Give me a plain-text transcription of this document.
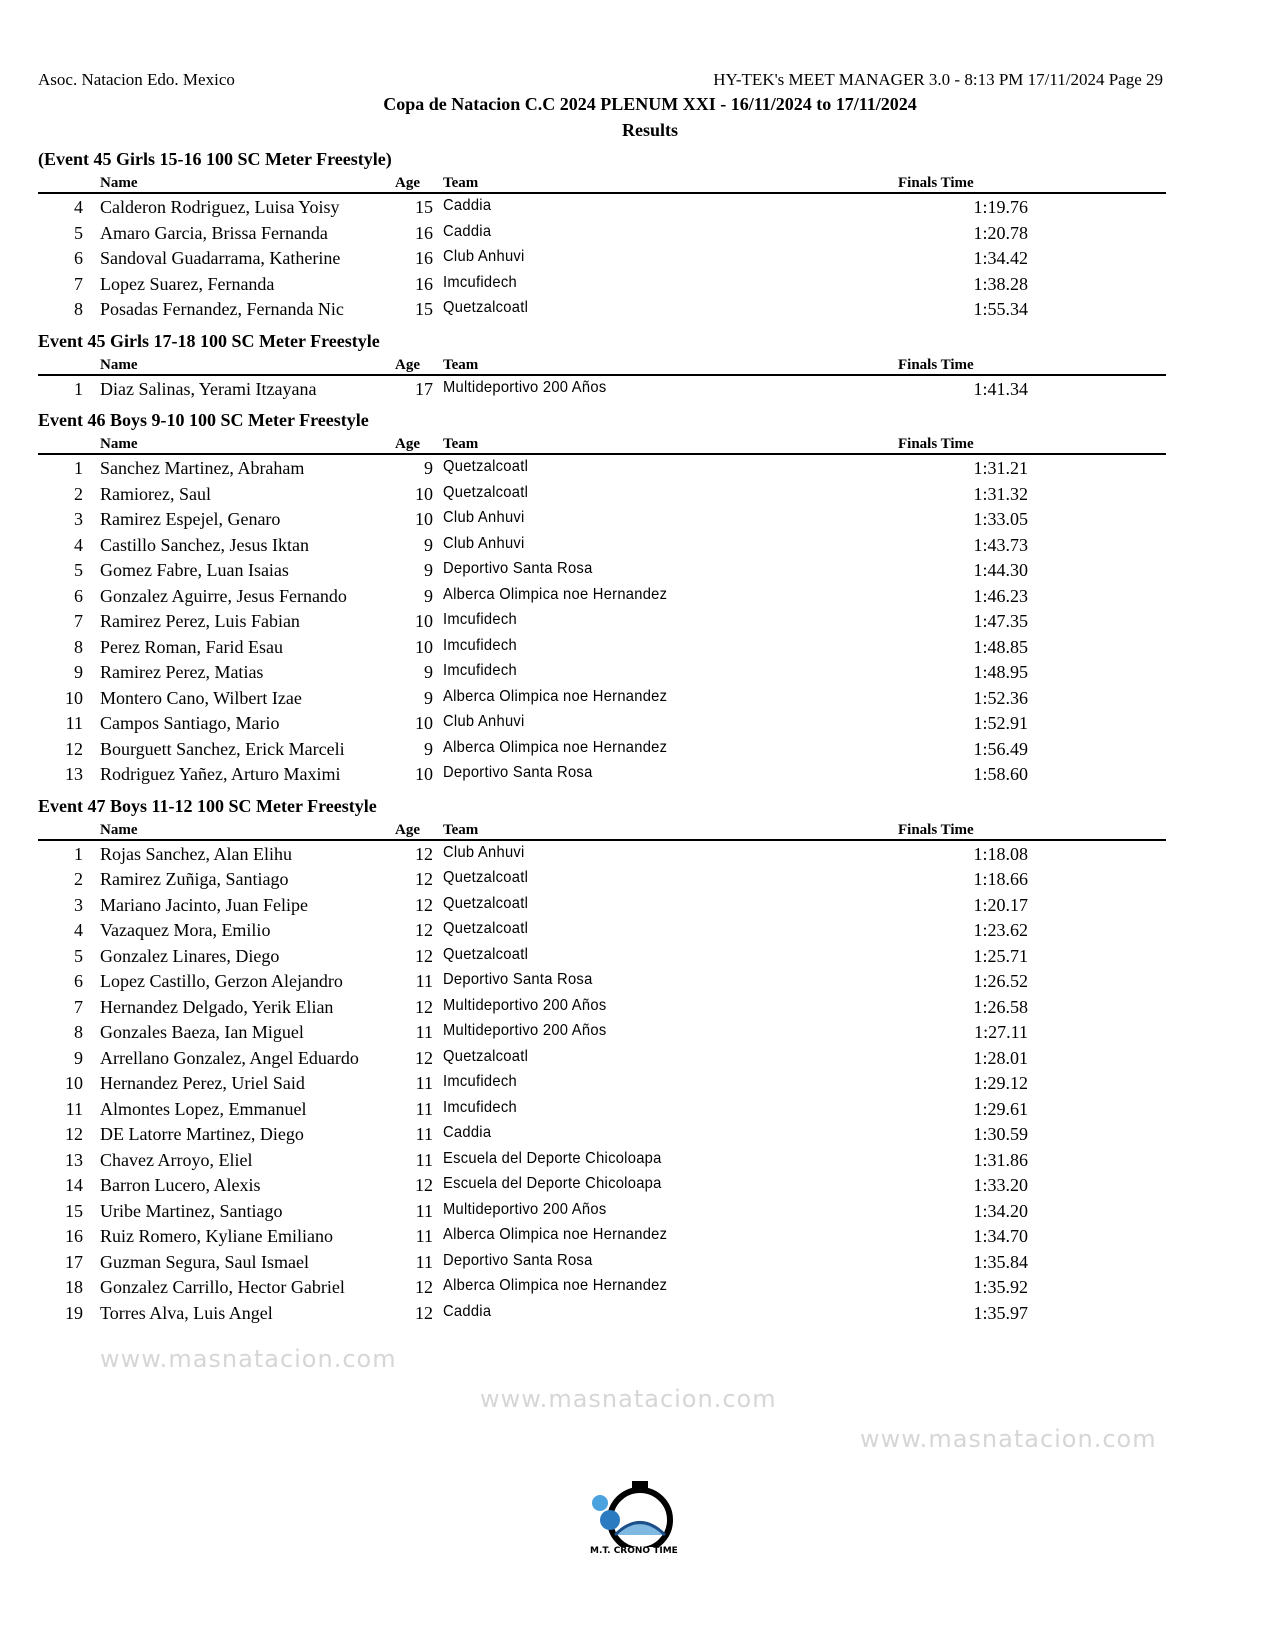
Asoc. Natacion Edo. Mexico	HY-TEK's MEET MANAGER 3.0 - 8:13 PM 17/11/2024 Page 29
Copa de Natacion C.C 2024 PLENUM XXI - 16/11/2024 to 17/11/2024
Results
(Event 45 Girls 15-16 100 SC Meter Freestyle)
Name	Age Team	Finals Time
4 Calderon Rodriguez, Luisa Yoisy	15 Caddia	1:19.76
5 Amaro Garcia, Brissa Fernanda	16 Caddia	1:20.78
6 Sandoval Guadarrama, Katherine	16 Club Anhuvi	1:34.42
7 Lopez Suarez, Fernanda	16 Imcufidech	1:38.28
8 Posadas Fernandez, Fernanda Nic	15 Quetzalcoatl	1:55.34
Event 45 Girls 17-18 100 SC Meter Freestyle
Name	Age Team	Finals Time
1 Diaz Salinas, Yerami Itzayana	17 Multideportivo 200 Años	1:41.34
Event 46 Boys 9-10 100 SC Meter Freestyle
Name	Age Team	Finals Time
1 Sanchez Martinez, Abraham	9 Quetzalcoatl	1:31.21
2 Ramiorez, Saul	10 Quetzalcoatl	1:31.32
3 Ramirez Espejel, Genaro	10 Club Anhuvi	1:33.05
4 Castillo Sanchez, Jesus Iktan	9 Club Anhuvi	1:43.73
5 Gomez Fabre, Luan Isaias	9 Deportivo Santa Rosa	1:44.30
6 Gonzalez Aguirre, Jesus Fernando	9 Alberca Olimpica noe Hernandez	1:46.23
7 Ramirez Perez, Luis Fabian	10 Imcufidech	1:47.35
8 Perez Roman, Farid Esau	10 Imcufidech	1:48.85
9 Ramirez Perez, Matias	9 Imcufidech	1:48.95
10 Montero Cano, Wilbert Izae	9 Alberca Olimpica noe Hernandez	1:52.36
11 Campos Santiago, Mario	10 Club Anhuvi	1:52.91
12 Bourguett Sanchez, Erick Marceli	9 Alberca Olimpica noe Hernandez	1:56.49
13 Rodriguez Yañez, Arturo Maximi	10 Deportivo Santa Rosa	1:58.60
Event 47 Boys 11-12 100 SC Meter Freestyle
Name	Age Team	Finals Time
1 Rojas Sanchez, Alan Elihu	12 Club Anhuvi	1:18.08
2 Ramirez Zuñiga, Santiago	12 Quetzalcoatl	1:18.66
3 Mariano Jacinto, Juan Felipe	12 Quetzalcoatl	1:20.17
4 Vazaquez Mora, Emilio	12 Quetzalcoatl	1:23.62
5 Gonzalez Linares, Diego	12 Quetzalcoatl	1:25.71
6 Lopez Castillo, Gerzon Alejandro	11 Deportivo Santa Rosa	1:26.52
7 Hernandez Delgado, Yerik Elian	12 Multideportivo 200 Años	1:26.58
8 Gonzales Baeza, Ian Miguel	11 Multideportivo 200 Años	1:27.11
9 Arrellano Gonzalez, Angel Eduardo	12 Quetzalcoatl	1:28.01
10 Hernandez Perez, Uriel Said	11 Imcufidech	1:29.12
11 Almontes Lopez, Emmanuel	11 Imcufidech	1:29.61
12 DE Latorre Martinez, Diego	11 Caddia	1:30.59
13 Chavez Arroyo, Eliel	11 Escuela del Deporte Chicoloapa	1:31.86
14 Barron Lucero, Alexis	12 Escuela del Deporte Chicoloapa	1:33.20
15 Uribe Martinez, Santiago	11 Multideportivo 200 Años	1:34.20
16 Ruiz Romero, Kyliane Emiliano	11 Alberca Olimpica noe Hernandez	1:34.70
17 Guzman Segura, Saul Ismael	11 Deportivo Santa Rosa	1:35.84
18 Gonzalez Carrillo, Hector Gabriel	12 Alberca Olimpica noe Hernandez	1:35.92
19 Torres Alva, Luis Angel	12 Caddia	1:35.97
www.masnatacion.com
www.masnatacion.com
www.masnatacion.com
M.T. CRONO TIME
